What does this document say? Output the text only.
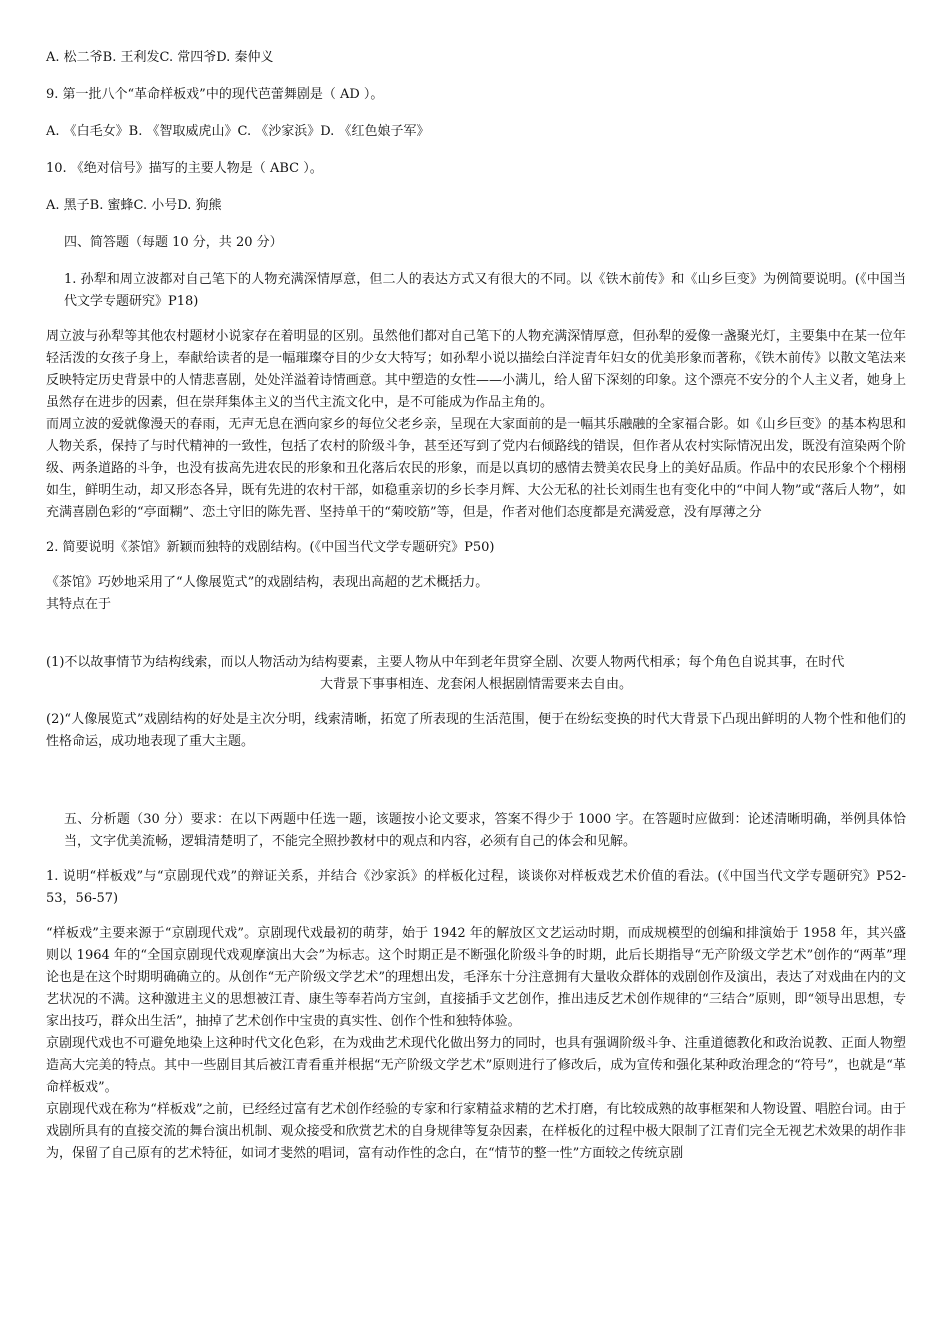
A. 松二爷B. 王利发C. 常四爷D. 秦仲义

9. 第一批八个“革命样板戏”中的现代芭蕾舞剧是（ AD ）。

A. 《白毛女》B. 《智取威虎山》C. 《沙家浜》D. 《红色娘子军》

10. 《绝对信号》描写的主要人物是（ ABC ）。

A. 黑子B. 蜜蜂C. 小号D. 狗熊

四、简答题（每题 10 分，共 20 分）

1. 孙犁和周立波都对自己笔下的人物充满深情厚意，但二人的表达方式又有很大的不同。以《铁木前传》和《山乡巨变》为例简要说明。(《中国当代文学专题研究》P18)

周立波与孙犁等其他农村题材小说家存在着明显的区别。虽然他们都对自己笔下的人物充满深情厚意，但孙犁的爱像一盏聚光灯，主要集中在某一位年轻活泼的女孩子身上，奉献给读者的是一幅璀璨夺目的少女大特写；如孙犁小说以描绘白洋淀青年妇女的优美形象而著称，《铁木前传》以散文笔法来反映特定历史背景中的人情悲喜剧，处处洋溢着诗情画意。其中塑造的女性——小满儿，给人留下深刻的印象。这个漂亮不安分的个人主义者，她身上虽然存在进步的因素，但在崇拜集体主义的当代主流文化中，是不可能成为作品主角的。

而周立波的爱就像漫天的春雨，无声无息在洒向家乡的每位父老乡亲，呈现在大家面前的是一幅其乐融融的全家福合影。如《山乡巨变》的基本构思和人物关系，保持了与时代精神的一致性，包括了农村的阶级斗争，甚至还写到了党内右倾路线的错误，但作者从农村实际情况出发，既没有渲染两个阶级、两条道路的斗争，也没有拔高先进农民的形象和丑化落后农民的形象，而是以真切的感情去赞美农民身上的美好品质。作品中的农民形象个个栩栩如生，鲜明生动，却又形态各异，既有先进的农村干部，如稳重亲切的乡长李月辉、大公无私的社长刘雨生也有变化中的“中间人物”或“落后人物”，如充满喜剧色彩的“亭面糊”、恋土守旧的陈先晋、坚持单干的“菊咬筋”等，但是，作者对他们态度都是充满爱意，没有厚薄之分

2. 简要说明《茶馆》新颖而独特的戏剧结构。(《中国当代文学专题研究》P50)

《茶馆》巧妙地采用了“人像展览式”的戏剧结构，表现出高超的艺术概括力。

其特点在于

(1)不以故事情节为结构线索，而以人物活动为结构要素，主要人物从中年到老年贯穿全剧、次要人物两代相承；每个角色自说其事，在时代

大背景下事事相连、龙套闲人根据剧情需要来去自由。

(2)“人像展览式”戏剧结构的好处是主次分明，线索清晰，拓宽了所表现的生活范围，便于在纷纭变换的时代大背景下凸现出鲜明的人物个性和他们的性格命运，成功地表现了重大主题。

五、分析题（30 分）要求：在以下两题中任选一题，该题按小论文要求，答案不得少于 1000 字。在答题时应做到：论述清晰明确，举例具体恰当，文字优美流畅，逻辑清楚明了，不能完全照抄教材中的观点和内容，必须有自己的体会和见解。

1. 说明“样板戏”与“京剧现代戏”的辩证关系，并结合《沙家浜》的样板化过程，谈谈你对样板戏艺术价值的看法。(《中国当代文学专题研究》P52-53，56-57)

“样板戏”主要来源于“京剧现代戏”。京剧现代戏最初的萌芽，始于 1942 年的解放区文艺运动时期，而成规模型的创编和排演始于 1958 年，其兴盛则以 1964 年的“全国京剧现代戏观摩演出大会”为标志。这个时期正是不断强化阶级斗争的时期，此后长期指导“无产阶级文学艺术”创作的“两革”理论也是在这个时期明确确立的。从创作“无产阶级文学艺术”的理想出发，毛泽东十分注意拥有大量收众群体的戏剧创作及演出，表达了对戏曲在内的文艺状况的不满。这种激进主义的思想被江青、康生等奉若尚方宝剑，直接插手文艺创作，推出违反艺术创作规律的“三结合”原则，即“领导出思想，专家出技巧，群众出生活”，抽掉了艺术创作中宝贵的真实性、创作个性和独特体验。

京剧现代戏也不可避免地染上这种时代文化色彩，在为戏曲艺术现代化做出努力的同时，也具有强调阶级斗争、注重道德教化和政治说教、正面人物塑造高大完美的特点。其中一些剧目其后被江青看重并根据“无产阶级文学艺术”原则进行了修改后，成为宣传和强化某种政治理念的“符号”，也就是“革命样板戏”。

京剧现代戏在称为“样板戏”之前，已经经过富有艺术创作经验的专家和行家精益求精的艺术打磨，有比较成熟的故事框架和人物设置、唱腔台词。由于戏剧所具有的直接交流的舞台演出机制、观众接受和欣赏艺术的自身规律等复杂因素，在样板化的过程中极大限制了江青们完全无视艺术效果的胡作非为，保留了自己原有的艺术特征，如词才斐然的唱词，富有动作性的念白，在“情节的整一性”方面较之传统京剧
